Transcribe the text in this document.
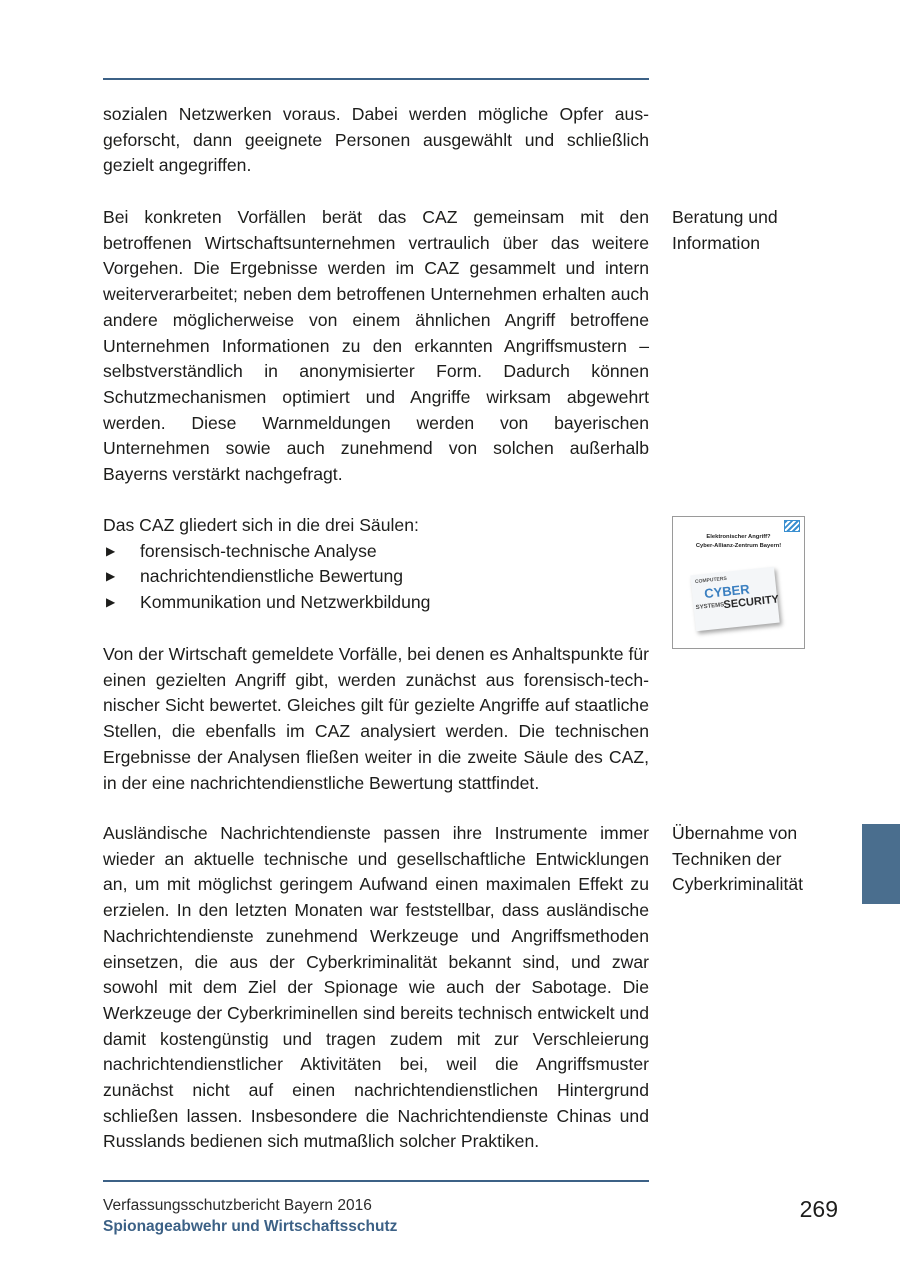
sozialen Netzwerken voraus. Dabei werden mögliche Opfer ausgeforscht, dann geeignete Personen ausgewählt und schließlich gezielt angegriffen.

Bei konkreten Vorfällen berät das CAZ gemeinsam mit den betroffenen Wirtschaftsunternehmen vertraulich über das weitere Vorgehen. Die Ergebnisse werden im CAZ gesammelt und intern weiterverarbeitet; neben dem betroffenen Unternehmen erhalten auch andere möglicherweise von einem ähnlichen Angriff betroffene Unternehmen Informationen zu den erkannten Angriffsmustern – selbstverständlich in anonymisierter Form. Dadurch können Schutzmechanismen optimiert und Angriffe wirksam abgewehrt werden. Diese Warnmeldungen werden von bayerischen Unternehmen sowie auch zunehmend von solchen außerhalb Bayerns verstärkt nachgefragt.

Beratung und
Information

Das CAZ gliedert sich in die drei Säulen:

▶ forensisch-technische Analyse
▶ nachrichtendienstliche Bewertung
▶ Kommunikation und Netzwerkbildung
Elektronischer Angriff?
Cyber-Allianz-Zentrum Bayern!
COMPUTERS
CYBER
SYSTEMS
SECURITY

Von der Wirtschaft gemeldete Vorfälle, bei denen es Anhaltspunkte für einen gezielten Angriff gibt, werden zunächst aus forensisch-technischer Sicht bewertet. Gleiches gilt für gezielte Angriffe auf staatliche Stellen, die ebenfalls im CAZ analysiert werden. Die technischen Ergebnisse der Analysen fließen weiter in die zweite Säule des CAZ, in der eine nachrichtendienstliche Bewertung stattfindet.

Ausländische Nachrichtendienste passen ihre Instrumente immer wieder an aktuelle technische und gesellschaftliche Entwicklungen an, um mit möglichst geringem Aufwand einen maximalen Effekt zu erzielen. In den letzten Monaten war feststellbar, dass ausländische Nachrichtendienste zunehmend Werkzeuge und Angriffsmethoden einsetzen, die aus der Cyberkriminalität bekannt sind, und zwar sowohl mit dem Ziel der Spionage wie auch der Sabotage. Die Werkzeuge der Cyberkriminellen sind bereits technisch entwickelt und damit kostengünstig und tragen zudem mit zur Verschleierung nachrichtendienstlicher Aktivitäten bei, weil die Angriffsmuster zunächst nicht auf einen nachrichtendienstlichen Hintergrund schließen lassen. Insbesondere die Nachrichtendienste Chinas und Russlands bedienen sich mutmaßlich solcher Praktiken.

Übernahme von
Techniken der
Cyberkriminalität
Verfassungsschutzbericht Bayern 2016
Spionageabwehr und Wirtschaftsschutz
269
